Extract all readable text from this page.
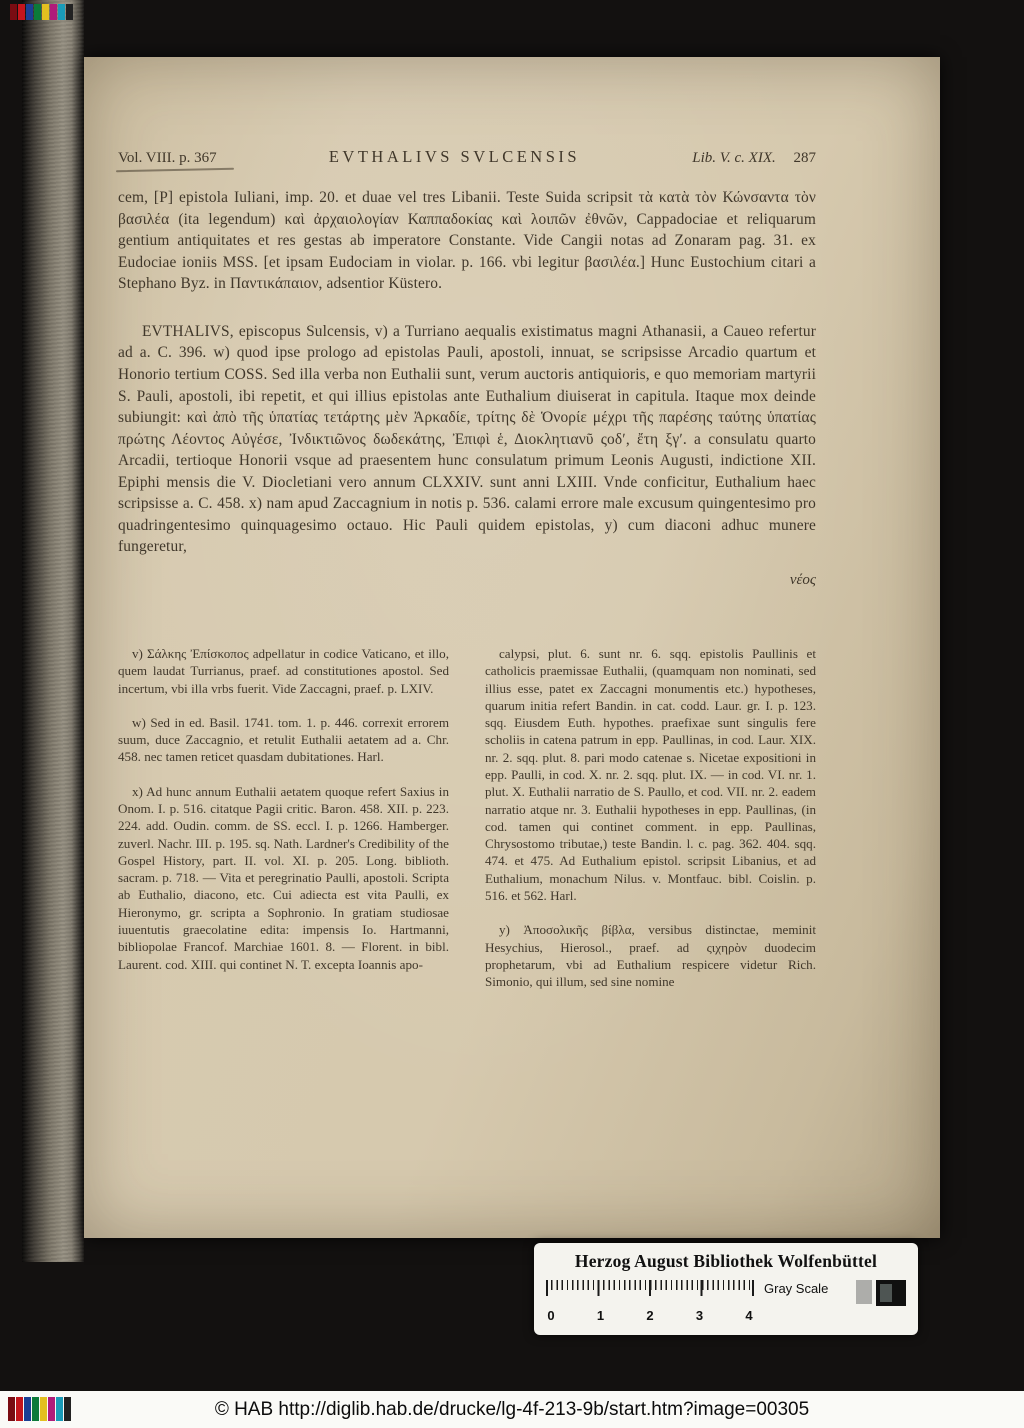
Vol. VIII. p. 367	EVTHALIVS SVLCENSIS	Lib. V. c. XIX. 287

cem, [P] epistola Iuliani, imp. 20. et duae vel tres Libanii. Teste Suida scripsit τὰ κατὰ τὸν Κώνσαντα τὸν βασιλέα (ita legendum) καὶ ἀρχαιολογίαν Καππαδοκίας καὶ λοιπῶν ἐθνῶν, Cappadociae et reliquarum gentium antiquitates et res gestas ab imperatore Constante. Vide Cangii notas ad Zonaram pag. 31. ex Eudociae ioniis MSS. [et ipsam Eudociam in violar. p. 166. vbi legitur βασιλέα.] Hunc Eustochium citari a Stephano Byz. in Παντικάπαιον, adsentior Küstero.

EVTHALIVS, episcopus Sulcensis, v) a Turriano aequalis existimatus magni Athanasii, a Caueo refertur ad a. C. 396. w) quod ipse prologo ad epistolas Pauli, apostoli, innuat, se scripsisse Arcadio quartum et Honorio tertium COSS. Sed illa verba non Euthalii sunt, verum auctoris antiquioris, e quo memoriam martyrii S. Pauli, apostoli, ibi repetit, et qui illius epistolas ante Euthalium diuiserat in capitula. Itaque mox deinde subiungit: καὶ ἀπὸ τῆς ὑπατίας τετάρτης μὲν Ἀρκαδίε, τρίτης δὲ Ὁνορίε μέχρι τῆς παρέσης ταύτης ὑπατίας πρώτης Λέοντος Αὐγέσε, Ἰνδικτιῶνος δωδεκάτης, Ἐπιφὶ ἑ, Διοκλητιανῦ ςοδʹ, ἔτη ξγʹ. a consulatu quarto Arcadii, tertioque Honorii vsque ad praesentem hunc consulatum primum Leonis Augusti, indictione XII. Epiphi mensis die V. Diocletiani vero annum CLXXIV. sunt anni LXIII. Vnde conficitur, Euthalium haec scripsisse a. C. 458. x) nam apud Zaccagnium in notis p. 536. calami errore male excusum quingentesimo pro quadringentesimo quinquagesimo octauo. Hic Pauli quidem epistolas, y) cum diaconi adhuc munere fungeretur,

νέος

v) Σάλκης Ἐπίσκοπος adpellatur in codice Vaticano, et illo, quem laudat Turrianus, praef. ad constitutiones apostol. Sed incertum, vbi illa vrbs fuerit. Vide Zaccagni, praef. p. LXIV.

w) Sed in ed. Basil. 1741. tom. 1. p. 446. correxit errorem suum, duce Zaccagnio, et retulit Euthalii aetatem ad a. Chr. 458. nec tamen reticet quasdam dubitationes. Harl.

x) Ad hunc annum Euthalii aetatem quoque refert Saxius in Onom. I. p. 516. citatque Pagii critic. Baron. 458. XII. p. 223. 224. add. Oudin. comm. de SS. eccl. I. p. 1266. Hamberger. zuverl. Nachr. III. p. 195. sq. Nath. Lardner's Credibility of the Gospel History, part. II. vol. XI. p. 205. Long. biblioth. sacram. p. 718. — Vita et peregrinatio Paulli, apostoli. Scripta ab Euthalio, diacono, etc. Cui adiecta est vita Paulli, ex Hieronymo, gr. scripta a Sophronio. In gratiam studiosae iuuentutis graecolatine edita: impensis Io. Hartmanni, bibliopolae Francof. Marchiae 1601. 8. — Florent. in bibl. Laurent. cod. XIII. qui continet N. T. excepta Ioannis apo-

calypsi, plut. 6. sunt nr. 6. sqq. epistolis Paullinis et catholicis praemissae Euthalii, (quamquam non nominati, sed illius esse, patet ex Zaccagni monumentis etc.) hypotheses, quarum initia refert Bandin. in cat. codd. Laur. gr. I. p. 123. sqq. Eiusdem Euth. hypothes. praefixae sunt singulis fere scholiis in catena patrum in epp. Paullinas, in cod. Laur. XIX. nr. 2. sqq. plut. 8. pari modo catenae s. Nicetae expositioni in epp. Paulli, in cod. X. nr. 2. sqq. plut. IX. — in cod. VI. nr. 1. plut. X. Euthalii narratio de S. Paullo, et cod. VII. nr. 2. eadem narratio atque nr. 3. Euthalii hypotheses in epp. Paullinas, (in cod. tamen qui continet comment. in epp. Paullinas, Chrysostomo tributae,) teste Bandin. l. c. pag. 362. 404. sqq. 474. et 475. Ad Euthalium epistol. scripsit Libanius, et ad Euthalium, monachum Nilus. v. Montfauc. bibl. Coislin. p. 516. et 562. Harl.

y) Ἀποσολικῆς βίβλα, versibus distinctae, meminit Hesychius, Hierosol., praef. ad ςιχηρὸν duodecim prophetarum, vbi ad Euthalium respicere videtur Rich. Simonio, qui illum, sed sine nomine

Herzog August Bibliothek Wolfenbüttel
Gray Scale
0	1	2	3	4
© HAB http://diglib.hab.de/drucke/lg-4f-213-9b/start.htm?image=00305
